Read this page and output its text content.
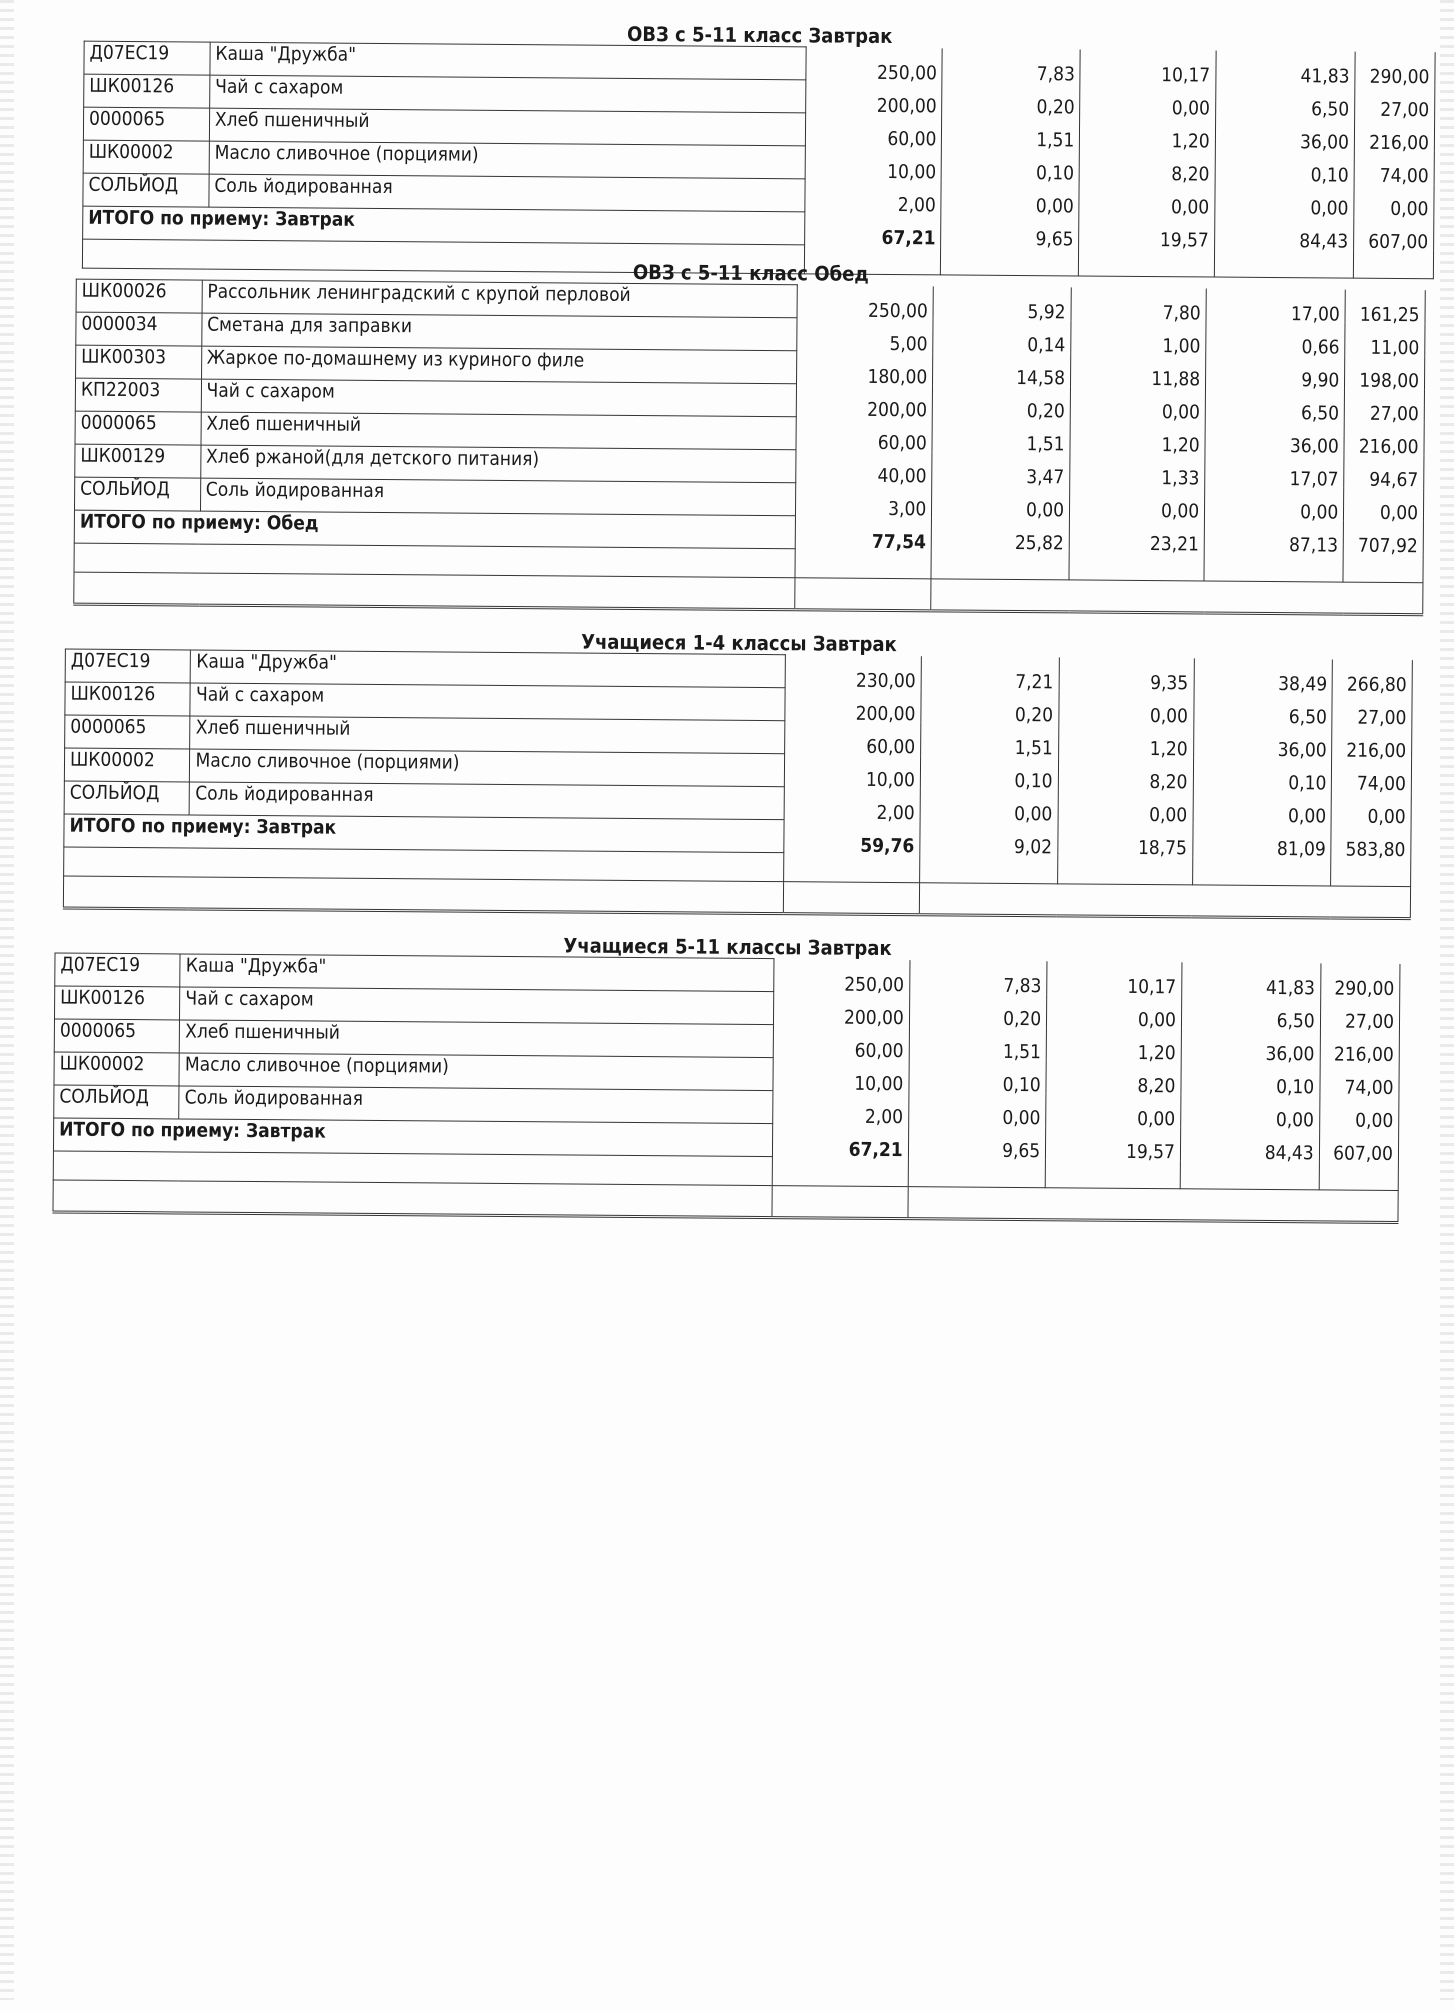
ОВЗ с 5-11 класс Завтрак
Д07ЕС19	Каша "Дружба"	250,00	7,83	10,17	41,83	290,00
ШК00126	Чай с сахаром	200,00	0,20	0,00	6,50	27,00
0000065	Хлеб пшеничный	60,00	1,51	1,20	36,00	216,00
ШК00002	Масло сливочное (порциями)	10,00	0,10	8,20	0,10	74,00
СОЛЬЙОД	Соль йодированная	2,00	0,00	0,00	0,00	0,00
ИТОГО по приему: Завтрак		67,21	9,65	19,57	84,43	607,00

ОВЗ с 5-11 класс Обед
ШК00026	Рассольник ленинградский с крупой перловой	250,00	5,92	7,80	17,00	161,25
0000034	Сметана для заправки	5,00	0,14	1,00	0,66	11,00
ШК00303	Жаркое по-домашнему из куриного филе	180,00	14,58	11,88	9,90	198,00
КП22003	Чай с сахаром	200,00	0,20	0,00	6,50	27,00
0000065	Хлеб пшеничный	60,00	1,51	1,20	36,00	216,00
ШК00129	Хлеб ржаной(для детского питания)	40,00	3,47	1,33	17,07	94,67
СОЛЬЙОД	Соль йодированная	3,00	0,00	0,00	0,00	0,00
ИТОГО по приему: Обед		77,54	25,82	23,21	87,13	707,92

Учащиеся 1-4 классы Завтрак
Д07ЕС19	Каша "Дружба"	230,00	7,21	9,35	38,49	266,80
ШК00126	Чай с сахаром	200,00	0,20	0,00	6,50	27,00
0000065	Хлеб пшеничный	60,00	1,51	1,20	36,00	216,00
ШК00002	Масло сливочное (порциями)	10,00	0,10	8,20	0,10	74,00
СОЛЬЙОД	Соль йодированная	2,00	0,00	0,00	0,00	0,00
ИТОГО по приему: Завтрак		59,76	9,02	18,75	81,09	583,80

Учащиеся 5-11 классы Завтрак
Д07ЕС19	Каша "Дружба"	250,00	7,83	10,17	41,83	290,00
ШК00126	Чай с сахаром	200,00	0,20	0,00	6,50	27,00
0000065	Хлеб пшеничный	60,00	1,51	1,20	36,00	216,00
ШК00002	Масло сливочное (порциями)	10,00	0,10	8,20	0,10	74,00
СОЛЬЙОД	Соль йодированная	2,00	0,00	0,00	0,00	0,00
ИТОГО по приему: Завтрак		67,21	9,65	19,57	84,43	607,00
